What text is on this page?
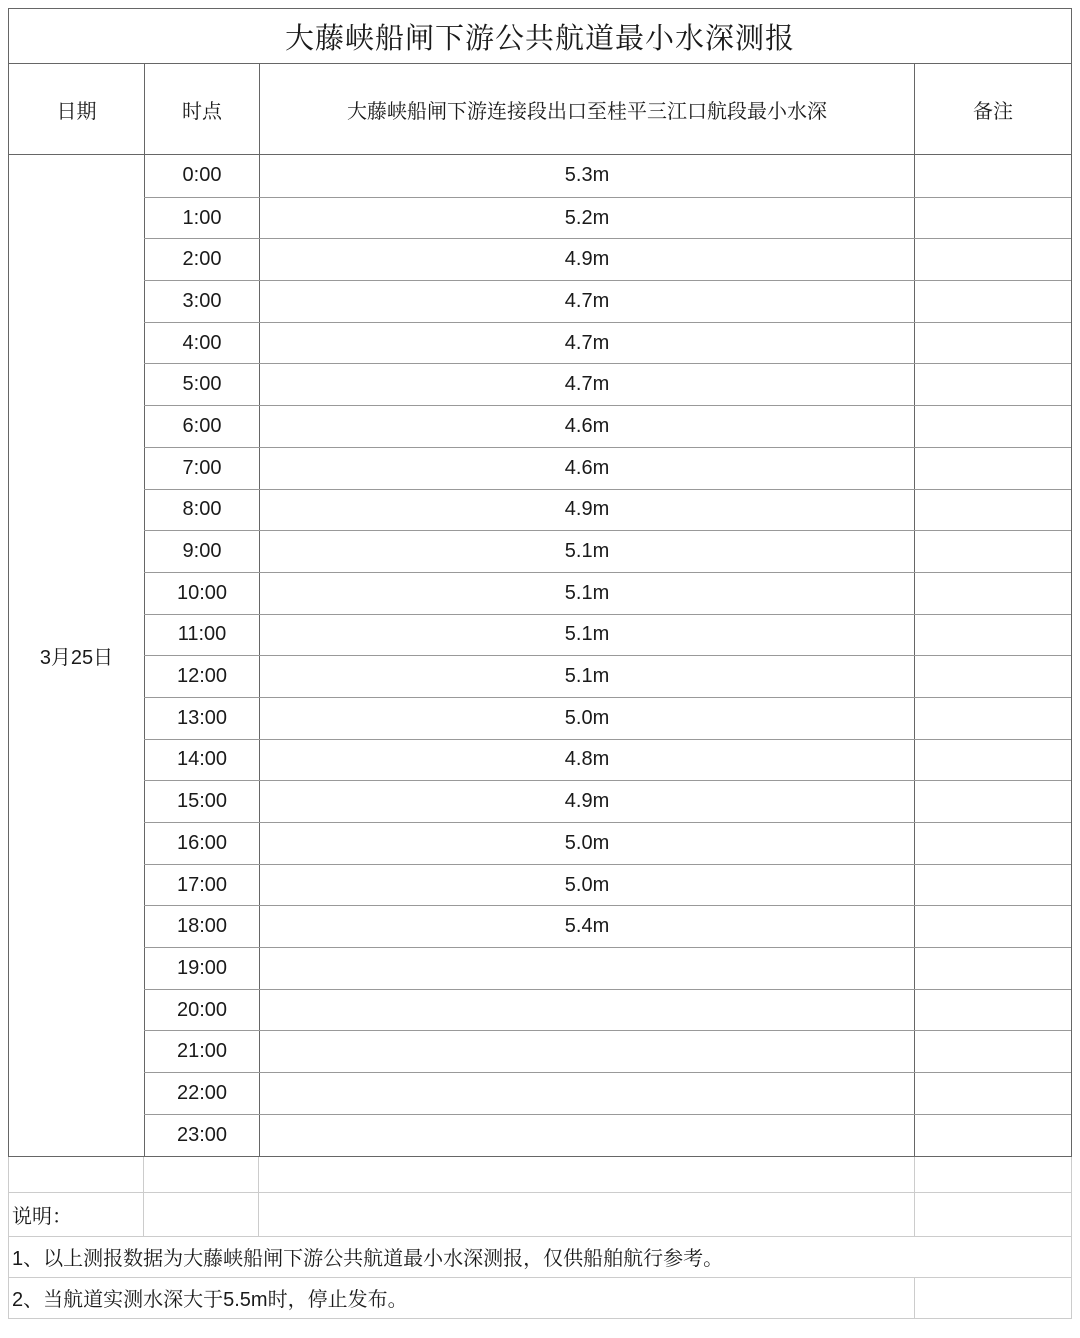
大藤峡船闸下游公共航道最小水深测报
日期	时点	大藤峡船闸下游连接段出口至桂平三江口航段最小水深	备注
3月25日
0:00	5.3m
1:00	5.2m
2:00	4.9m
3:00	4.7m
4:00	4.7m
5:00	4.7m
6:00	4.6m
7:00	4.6m
8:00	4.9m
9:00	5.1m
10:00	5.1m
11:00	5.1m
12:00	5.1m
13:00	5.0m
14:00	4.8m
15:00	4.9m
16:00	5.0m
17:00	5.0m
18:00	5.4m
19:00
20:00
21:00
22:00
23:00
说明：
1、以上测报数据为大藤峡船闸下游公共航道最小水深测报，仅供船舶航行参考。
2、当航道实测水深大于5.5m时，停止发布。
